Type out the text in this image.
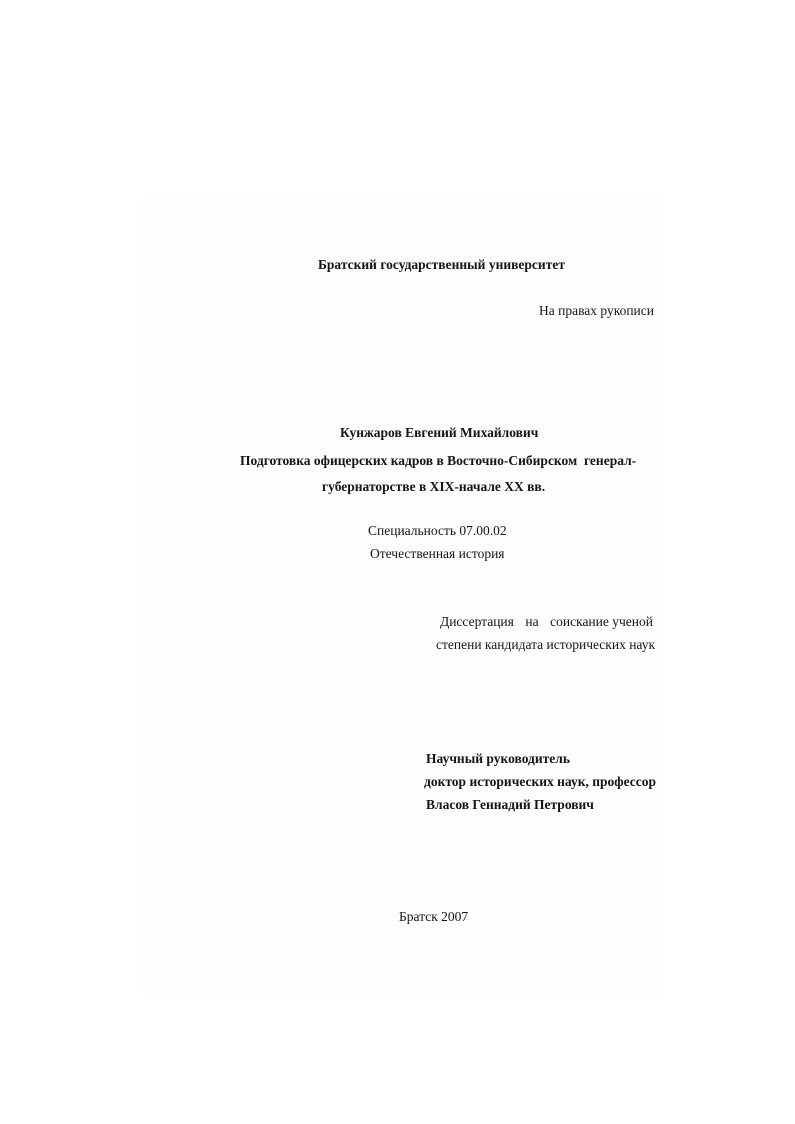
Братский государственный университет
На правах рукописи
Кунжаров Евгений Михайлович
Подготовка офицерских кадров в Восточно-Сибирском  генерал-
губернаторстве в XIX-начале XX вв.
Специальность 07.00.02
Отечественная история
Диссертация на соискание ученой
степени кандидата исторических наук
Научный руководитель
доктор исторических наук, профессор
Власов Геннадий Петрович
Братск 2007
